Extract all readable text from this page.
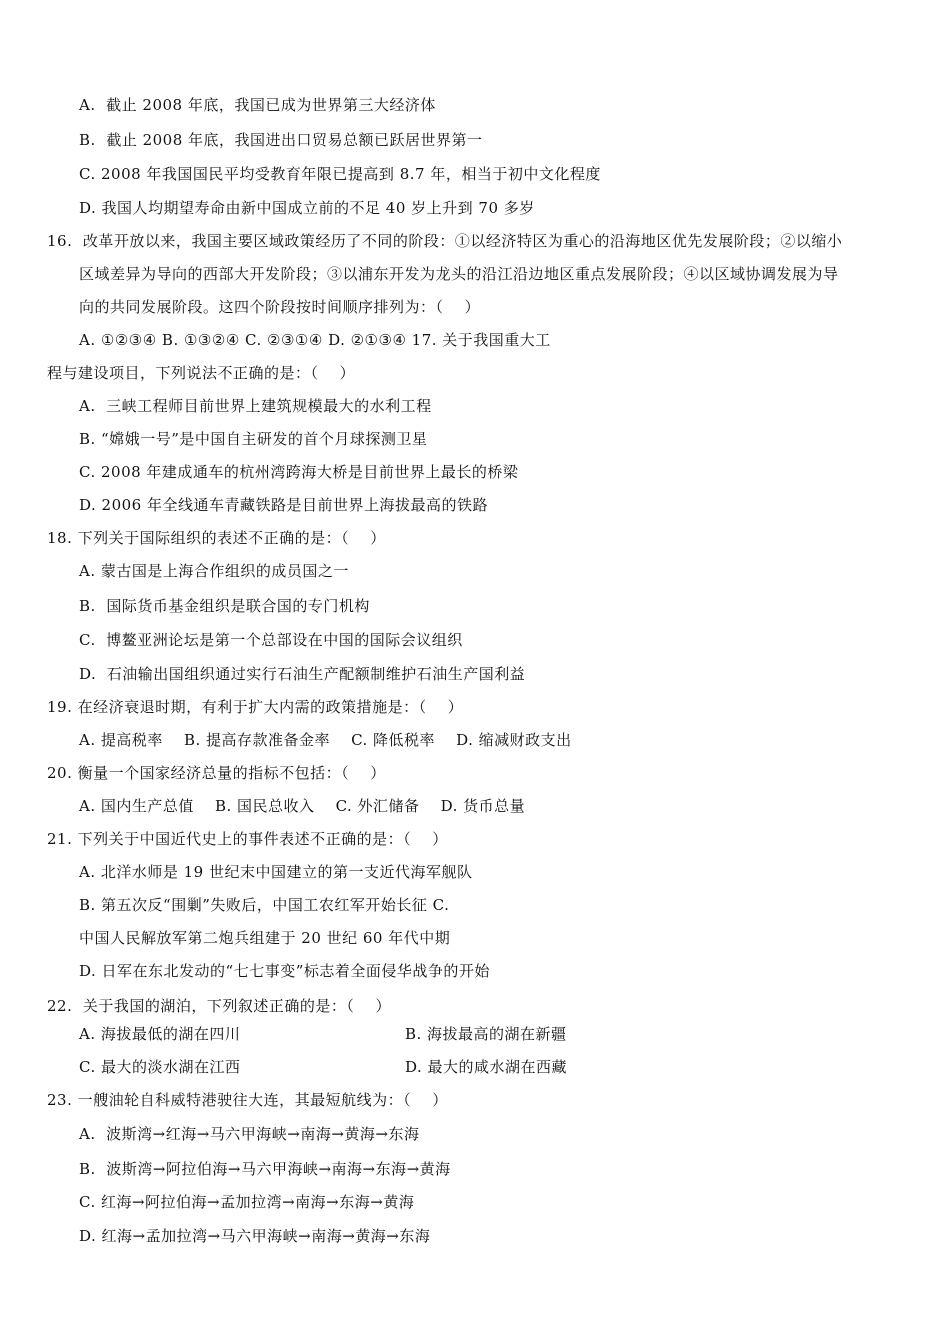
A.  截止 2008 年底，我国已成为世界第三大经济体
B.  截止 2008 年底，我国进出口贸易总额已跃居世界第一
C. 2008 年我国国民平均受教育年限已提高到 8.7 年，相当于初中文化程度
D. 我国人均期望寿命由新中国成立前的不足 40 岁上升到 70 多岁
16.  改革开放以来，我国主要区域政策经历了不同的阶段：①以经济特区为重心的沿海地区优先发展阶段；②以缩小
区域差异为导向的西部大开发阶段；③以浦东开发为龙头的沿江沿边地区重点发展阶段；④以区域协调发展为导
向的共同发展阶段。这四个阶段按时间顺序排列为：（    ）
A. ①②③④ B. ①③②④ C. ②③①④ D. ②①③④ 17. 关于我国重大工
程与建设项目，下列说法不正确的是：（    ）
A.  三峡工程师目前世界上建筑规模最大的水利工程
B. “嫦娥一号”是中国自主研发的首个月球探测卫星
C. 2008 年建成通车的杭州湾跨海大桥是目前世界上最长的桥梁
D. 2006 年全线通车青藏铁路是目前世界上海拔最高的铁路
18. 下列关于国际组织的表述不正确的是：（    ）
A. 蒙古国是上海合作组织的成员国之一
B.  国际货币基金组织是联合国的专门机构
C.  博鳌亚洲论坛是第一个总部设在中国的国际会议组织
D.  石油输出国组织通过实行石油生产配额制维护石油生产国利益
19. 在经济衰退时期，有利于扩大内需的政策措施是：（    ）
A. 提高税率    B. 提高存款准备金率    C. 降低税率    D. 缩减财政支出
20. 衡量一个国家经济总量的指标不包括：（    ）
A. 国内生产总值    B. 国民总收入    C. 外汇储备    D. 货币总量
21. 下列关于中国近代史上的事件表述不正确的是：（    ）
A. 北洋水师是 19 世纪末中国建立的第一支近代海军舰队
B. 第五次反“围剿”失败后，中国工农红军开始长征 C.
中国人民解放军第二炮兵组建于 20 世纪 60 年代中期
D. 日军在东北发动的“七七事变”标志着全面侵华战争的开始
22.  关于我国的湖泊，下列叙述正确的是：（    ）
A. 海拔最低的湖在四川	B. 海拔最高的湖在新疆
C. 最大的淡水湖在江西	D. 最大的咸水湖在西藏
23. 一艘油轮自科威特港驶往大连，其最短航线为：（    ）
A.  波斯湾→红海→马六甲海峡→南海→黄海→东海
B.  波斯湾→阿拉伯海→马六甲海峡→南海→东海→黄海
C. 红海→阿拉伯海→孟加拉湾→南海→东海→黄海
D. 红海→孟加拉湾→马六甲海峡→南海→黄海→东海
